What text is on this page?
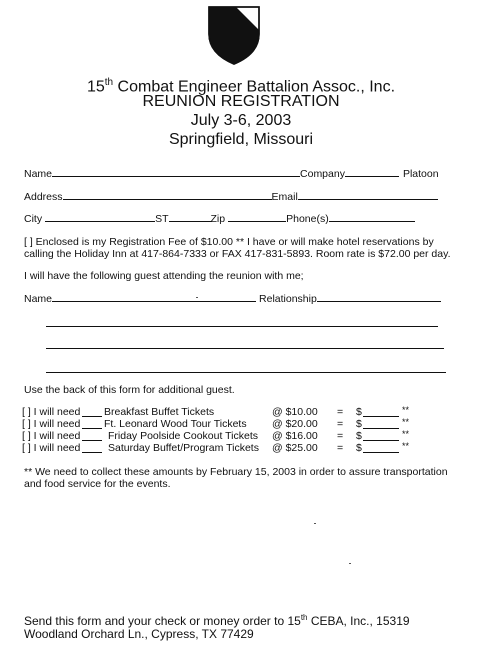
15th Combat Engineer Battalion Assoc., Inc.
REUNION REGISTRATION
July 3-6, 2003
Springfield, Missouri
Name	Company	Platoon
Address	Email
City	ST	Zip	Phone(s)
[ ] Enclosed is my Registration Fee of $10.00 ** I have or will make hotel reservations by calling the Holiday Inn at 417-864-7333 or FAX 417-831-5893. Room rate is $72.00 per day.
I will have the following guest attending the reunion with me;
Name	Relationship
Use the back of this form for additional guest.
[ ] I will need Breakfast Buffet Tickets	@ $10.00 = $	**
[ ] I will need Ft. Leonard Wood Tour Tickets @ $20.00 = $	**
[ ] I will need	Friday Poolside Cookout Tickets @ $16.00 = $	**
[ ] I will need	Saturday Buffet/Program Tickets @ $25.00 = $	**
** We need to collect these amounts by February 15, 2003 in order to assure transportation and food service for the events.
Send this form and your check or money order to 15th CEBA, Inc., 15319
Woodland Orchard Ln., Cypress, TX 77429
